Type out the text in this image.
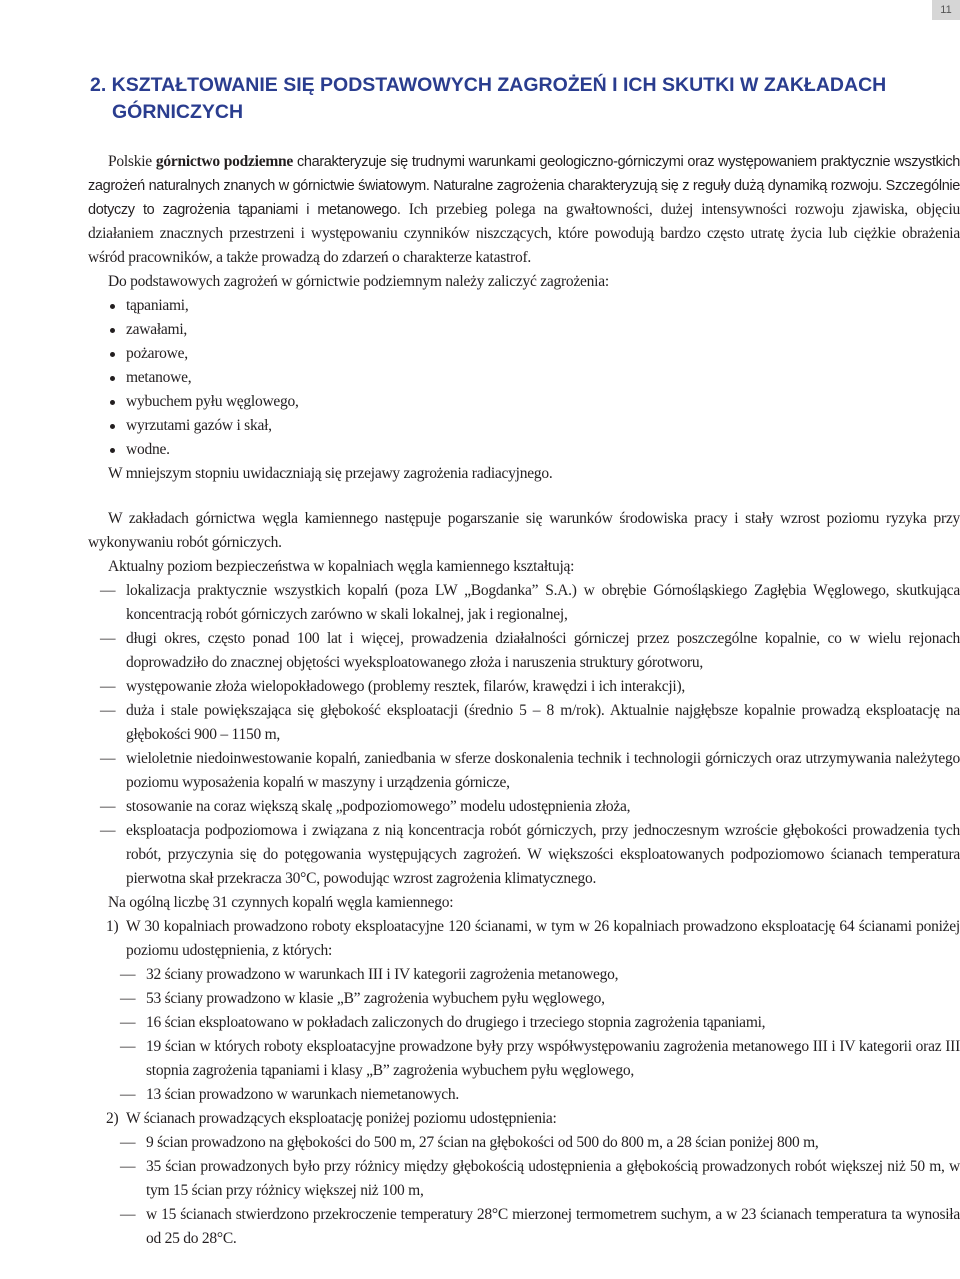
11
2. KSZTAŁTOWANIE SIĘ PODSTAWOWYCH ZAGROŻEŃ I ICH SKUTKI W ZAKŁADACH
GÓRNICZYCH

Polskie górnictwo podziemne charakteryzuje się trudnymi warunkami geologiczno-górniczymi oraz występowaniem praktycznie wszystkich zagrożeń naturalnych znanych w górnictwie światowym. Naturalne zagrożenia charakteryzują się z reguły dużą dynamiką rozwoju. Szczególnie dotyczy to zagrożenia tąpaniami i metanowego. Ich przebieg polega na gwałtowności, dużej intensywności rozwoju zjawiska, objęciu działaniem znacznych przestrzeni i występowaniu czynników niszczących, które powodują bardzo często utratę życia lub ciężkie obrażenia wśród pracowników, a także prowadzą do zdarzeń o charakterze katastrof.

Do podstawowych zagrożeń w górnictwie podziemnym należy zaliczyć zagrożenia:

tąpaniami,
zawałami,
pożarowe,
metanowe,
wybuchem pyłu węglowego,
wyrzutami gazów i skał,
wodne.

W mniejszym stopniu uwidaczniają się przejawy zagrożenia radiacyjnego.

W zakładach górnictwa węgla kamiennego następuje pogarszanie się warunków środowiska pracy i stały wzrost poziomu ryzyka przy wykonywaniu robót górniczych.

Aktualny poziom bezpieczeństwa w kopalniach węgla kamiennego kształtują:

— lokalizacja praktycznie wszystkich kopalń (poza LW „Bogdanka” S.A.) w obrębie Górnośląskiego Zagłębia Węglowego, skutkująca koncentracją robót górniczych zarówno w skali lokalnej, jak i regionalnej,
— długi okres, często ponad 100 lat i więcej, prowadzenia działalności górniczej przez poszczególne kopalnie, co w wielu rejonach doprowadziło do znacznej objętości wyeksploatowanego złoża i naruszenia struktury górotworu,
— występowanie złoża wielopokładowego (problemy resztek, filarów, krawędzi i ich interakcji),
— duża i stale powiększająca się głębokość eksploatacji (średnio 5 – 8 m/rok). Aktualnie najgłębsze kopalnie prowadzą eksploatację na głębokości 900 – 1150 m,
— wieloletnie niedoinwestowanie kopalń, zaniedbania w sferze doskonalenia technik i technologii górniczych oraz utrzymywania należytego poziomu wyposażenia kopalń w maszyny i urządzenia górnicze,
— stosowanie na coraz większą skalę „podpoziomowego” modelu udostępnienia złoża,
— eksploatacja podpoziomowa i związana z nią koncentracja robót górniczych, przy jednoczesnym wzroście głębokości prowadzenia tych robót, przyczynia się do potęgowania występujących zagrożeń. W większości eksploatowanych podpoziomowo ścianach temperatura pierwotna skał przekracza 30°C, powodując wzrost zagrożenia klimatycznego.

Na ogólną liczbę 31 czynnych kopalń węgla kamiennego:

1) W 30 kopalniach prowadzono roboty eksploatacyjne 120 ścianami, w tym w 26 kopalniach prowadzono eksploatację 64 ścianami poniżej poziomu udostępnienia, z których:
— 32 ściany prowadzono w warunkach III i IV kategorii zagrożenia metanowego,
— 53 ściany prowadzono w klasie „B” zagrożenia wybuchem pyłu węglowego,
— 16 ścian eksploatowano w pokładach zaliczonych do drugiego i trzeciego stopnia zagrożenia tąpaniami,
— 19 ścian w których roboty eksploatacyjne prowadzone były przy współwystępowaniu zagrożenia metanowego III i IV kategorii oraz III stopnia zagrożenia tąpaniami i klasy „B” zagrożenia wybuchem pyłu węglowego,
— 13 ścian prowadzono w warunkach niemetanowych.
2) W ścianach prowadzących eksploatację poniżej poziomu udostępnienia:
— 9 ścian prowadzono na głębokości do 500 m, 27 ścian na głębokości od 500 do 800 m, a 28 ścian poniżej 800 m,
— 35 ścian prowadzonych było przy różnicy między głębokością udostępnienia a głębokością prowadzonych robót większej niż 50 m, w tym 15 ścian przy różnicy większej niż 100 m,
— w 15 ścianach stwierdzono przekroczenie temperatury 28°C mierzonej termometrem suchym, a w 23 ścianach temperatura ta wynosiła od 25 do 28°C.
